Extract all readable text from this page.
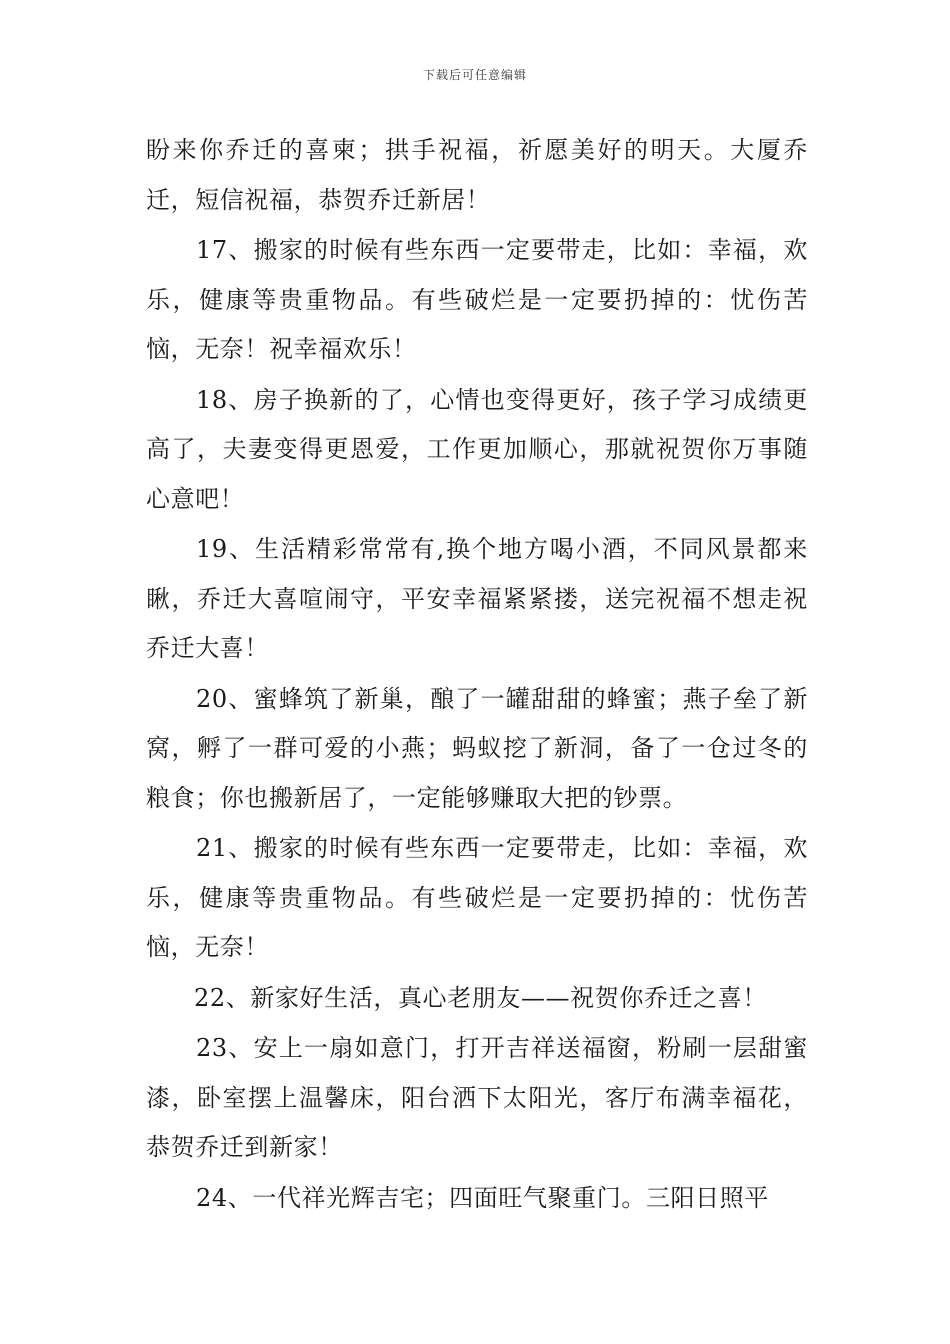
下载后可任意编辑

盼来你乔迁的喜柬；拱手祝福，祈愿美好的明天。大厦乔迁，短信祝福，恭贺乔迁新居！

17、搬家的时候有些东西一定要带走，比如：幸福，欢乐，健康等贵重物品。有些破烂是一定要扔掉的：忧伤苦恼，无奈！祝幸福欢乐！

18、房子换新的了，心情也变得更好，孩子学习成绩更高了，夫妻变得更恩爱，工作更加顺心，那就祝贺你万事随心意吧！

19、生活精彩常常有,换个地方喝小酒，不同风景都来瞅，乔迁大喜喧闹守，平安幸福紧紧搂，送完祝福不想走祝乔迁大喜！

20、蜜蜂筑了新巢，酿了一罐甜甜的蜂蜜；燕子垒了新窝，孵了一群可爱的小燕；蚂蚁挖了新洞，备了一仓过冬的粮食；你也搬新居了，一定能够赚取大把的钞票。

21、搬家的时候有些东西一定要带走，比如：幸福，欢乐，健康等贵重物品。有些破烂是一定要扔掉的：忧伤苦恼，无奈！

22、新家好生活，真心老朋友——祝贺你乔迁之喜！

23、安上一扇如意门，打开吉祥送福窗，粉刷一层甜蜜漆，卧室摆上温馨床，阳台洒下太阳光，客厅布满幸福花，恭贺乔迁到新家！

24、一代祥光辉吉宅；四面旺气聚重门。三阳日照平
